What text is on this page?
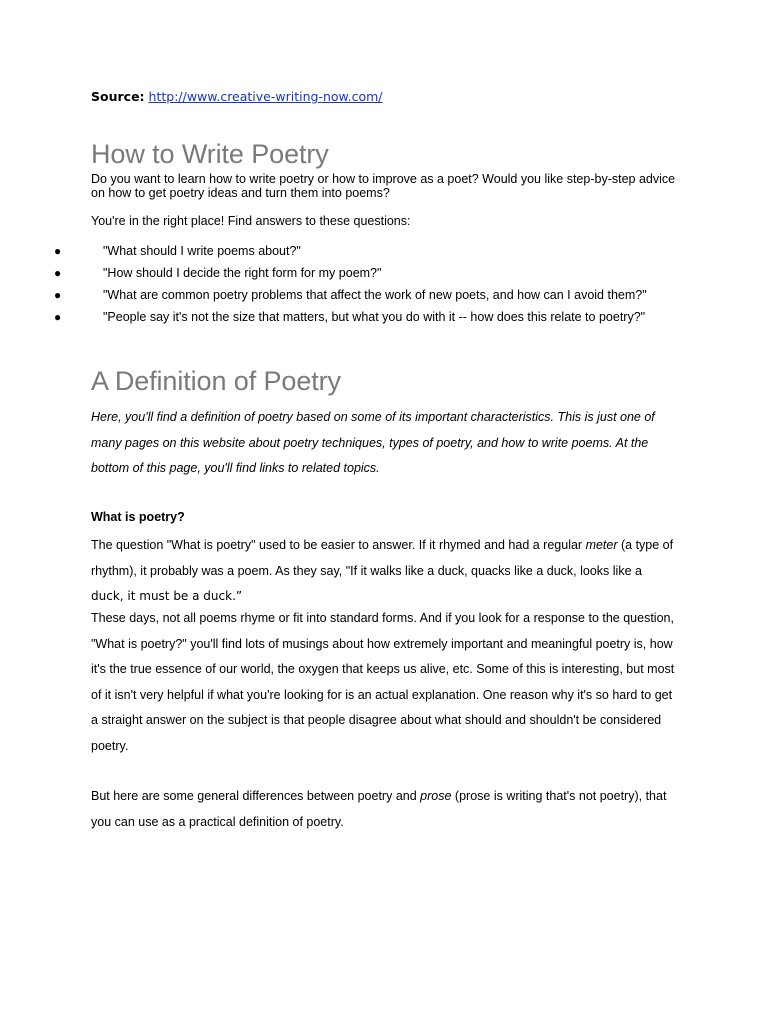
Source: http://www.creative-writing-now.com/
How to Write Poetry
Do you want to learn how to write poetry or how to improve as a poet? Would you like step-by-step advice
on how to get poetry ideas and turn them into poems?
You're in the right place! Find answers to these questions:
●	"What should I write poems about?"
●	"How should I decide the right form for my poem?"
●	"What are common poetry problems that affect the work of new poets, and how can I avoid them?"
●	"People say it's not the size that matters, but what you do with it -- how does this relate to poetry?"
A Definition of Poetry
Here, you'll find a definition of poetry based on some of its important characteristics. This is just one of
many pages on this website about poetry techniques, types of poetry, and how to write poems. At the
bottom of this page, you'll find links to related topics.
What is poetry?
The question "What is poetry" used to be easier to answer. If it rhymed and had a regular meter (a type of
rhythm), it probably was a poem. As they say, "If it walks like a duck, quacks like a duck, looks like a
duck, it must be a duck.”
These days, not all poems rhyme or fit into standard forms. And if you look for a response to the question,
"What is poetry?" you'll find lots of musings about how extremely important and meaningful poetry is, how
it's the true essence of our world, the oxygen that keeps us alive, etc. Some of this is interesting, but most
of it isn't very helpful if what you're looking for is an actual explanation. One reason why it's so hard to get
a straight answer on the subject is that people disagree about what should and shouldn't be considered
poetry.
But here are some general differences between poetry and prose (prose is writing that's not poetry), that
you can use as a practical definition of poetry.
